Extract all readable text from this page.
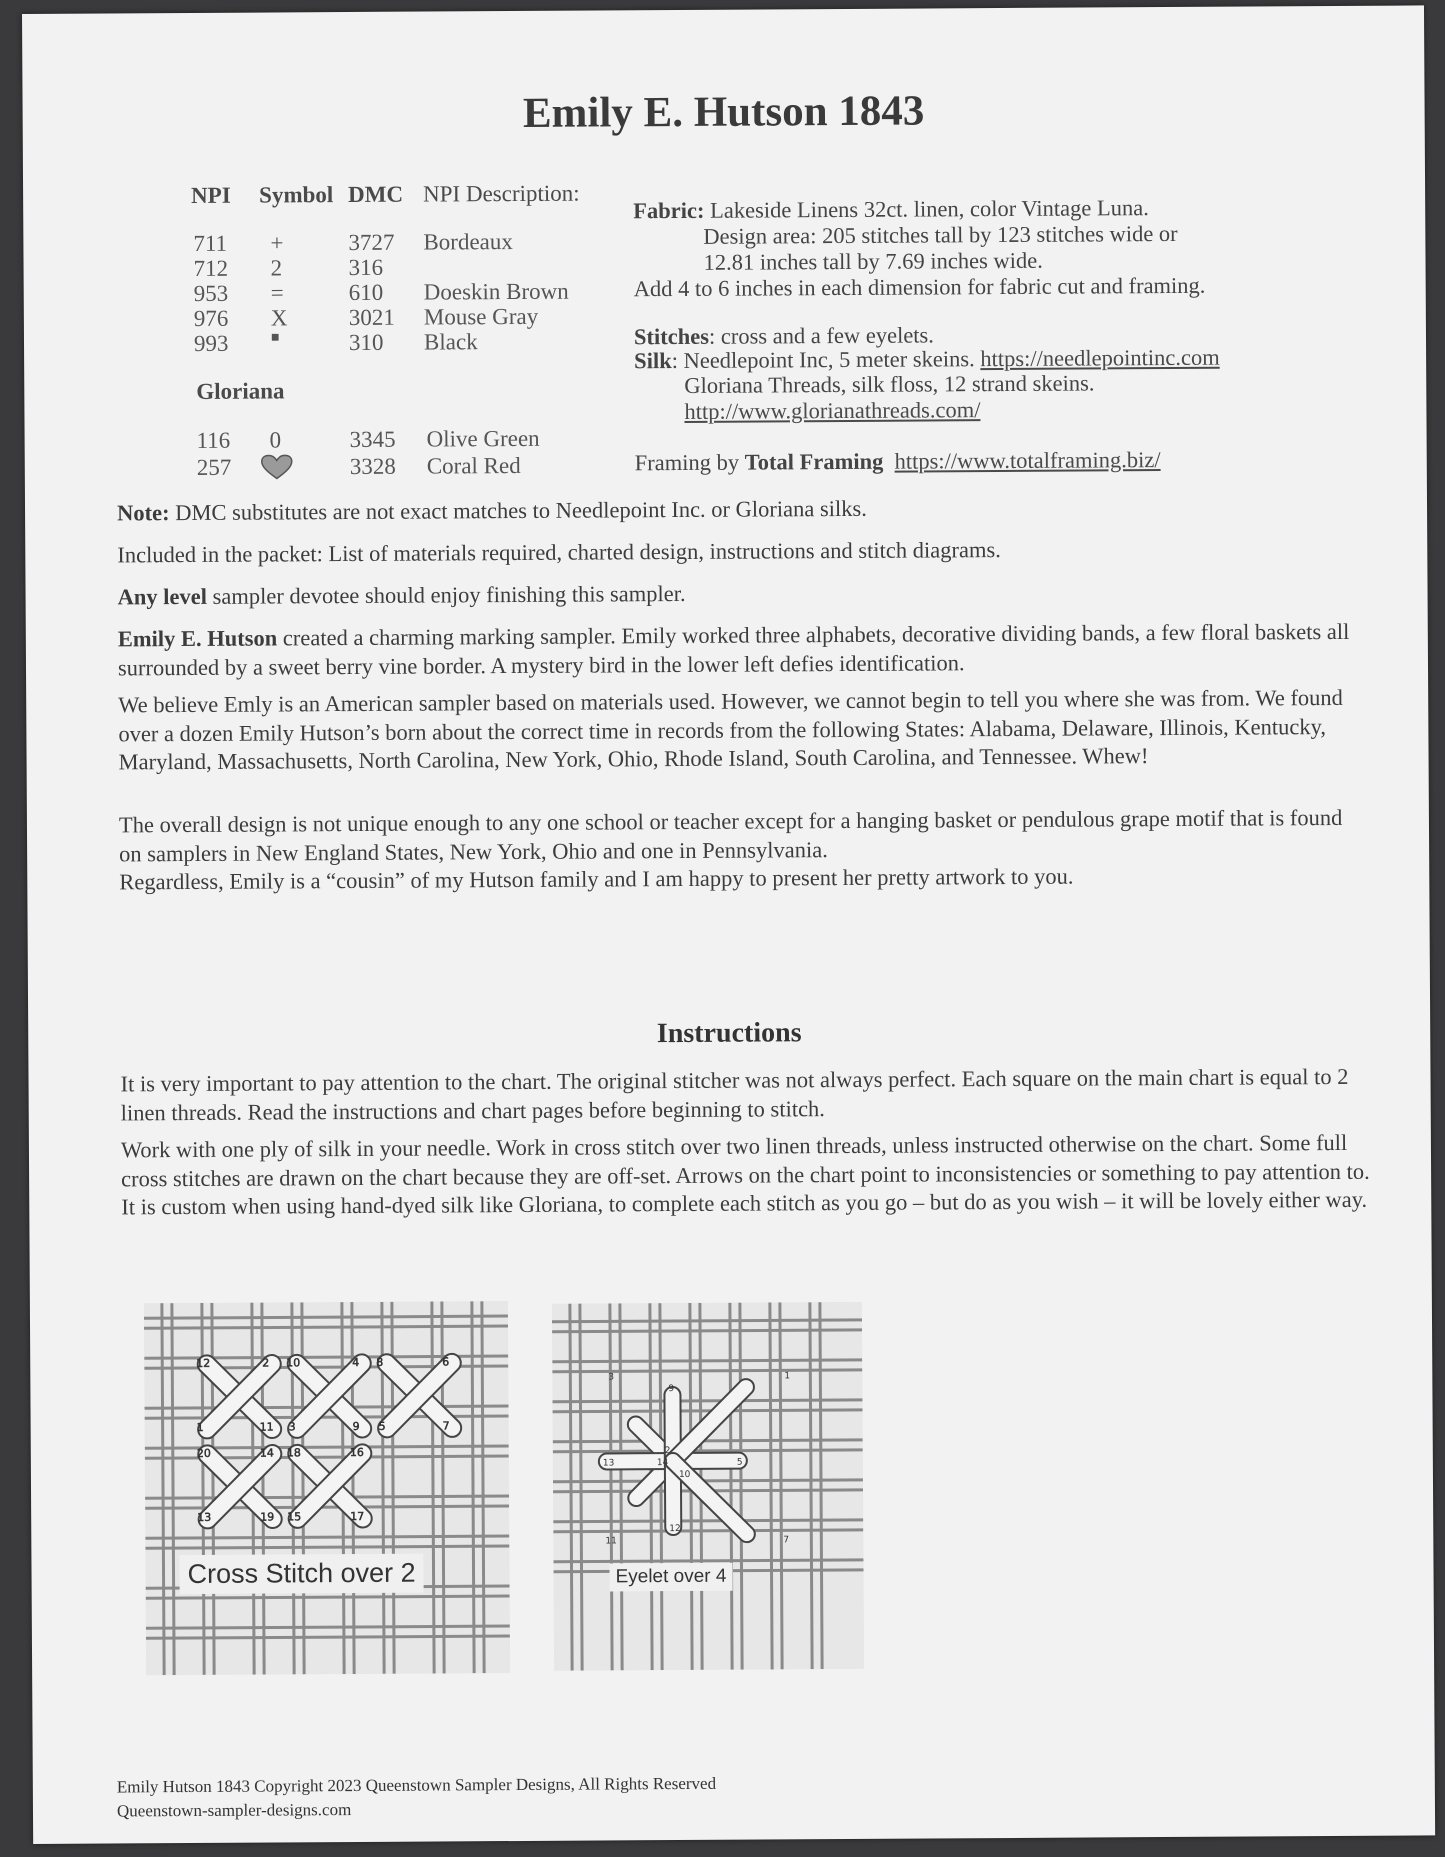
Emily E. Hutson 1843
NPI Symbol DMC NPI Description:
711 +	3727 Bordeaux
712 2	316
953 =	610 Doeskin Brown
976 X	3021 Mouse Gray
993	■	310 Black
Gloriana
116 0	3345 Olive Green
257	3328 Coral Red
Fabric: Lakeside Linens 32ct. linen, color Vintage Luna.
Design area: 205 stitches tall by 123 stitches wide or
12.81 inches tall by 7.69 inches wide.
Add 4 to 6 inches in each dimension for fabric cut and framing.
Stitches: cross and a few eyelets.
Silk: Needlepoint Inc, 5 meter skeins. https://needlepointinc.com
Gloriana Threads, silk floss, 12 strand skeins.
http://www.glorianathreads.com/
Framing by Total Framing https://www.totalframing.biz/
Note: DMC substitutes are not exact matches to Needlepoint Inc. or Gloriana silks.
Included in the packet: List of materials required, charted design, instructions and stitch diagrams.
Any level sampler devotee should enjoy finishing this sampler.
Emily E. Hutson created a charming marking sampler. Emily worked three alphabets, decorative dividing bands, a few floral baskets all surrounded by a sweet berry vine border. A mystery bird in the lower left defies identification.
We believe Emly is an American sampler based on materials used. However, we cannot begin to tell you where she was from. We found over a dozen Emily Hutson’s born about the correct time in records from the following States: Alabama, Delaware, Illinois, Kentucky, Maryland, Massachusetts, North Carolina, New York, Ohio, Rhode Island, South Carolina, and Tennessee. Whew!

The overall design is not unique enough to any one school or teacher except for a hanging basket or pendulous grape motif that is found on samplers in New England States, New York, Ohio and one in Pennsylvania.

Regardless, Emily is a “cousin” of my Hutson family and I am happy to present her pretty artwork to you.

Instructions
It is very important to pay attention to the chart. The original stitcher was not always perfect. Each square on the main chart is equal to 2 linen threads. Read the instructions and chart pages before beginning to stitch.
Work with one ply of silk in your needle. Work in cross stitch over two linen threads, unless instructed otherwise on the chart. Some full cross stitches are drawn on the chart because they are off-set. Arrows on the chart point to inconsistencies or something to pay attention to. It is custom when using hand-dyed silk like Gloriana, to complete each stitch as you go – but do as you wish – it will be lovely either way.
12	2 10	4 8	6
1	11 3	9 5	7
20	14 18	16
13	19 15	17
Cross Stitch over 2
3
9
1
13	14	5
2
10
11	7
12
Eyelet over 4
Emily Hutson 1843 Copyright 2023 Queenstown Sampler Designs, All Rights Reserved
Queenstown-sampler-designs.com
